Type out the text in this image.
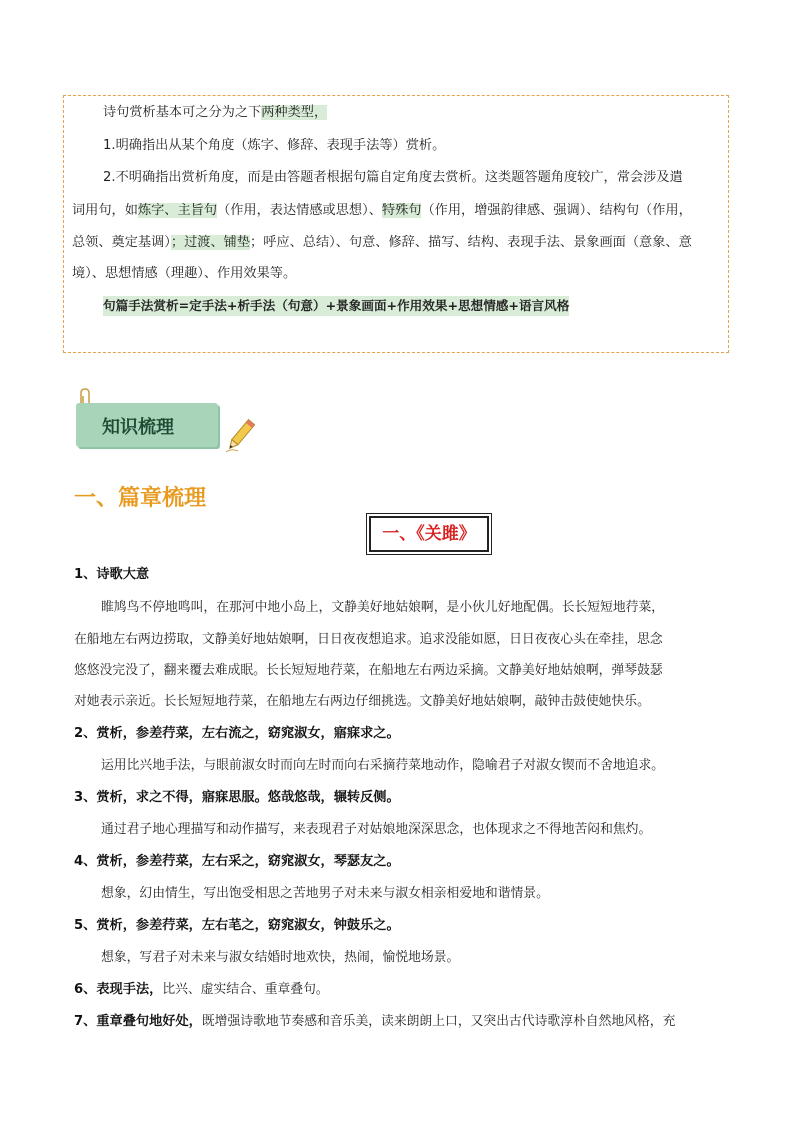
诗句赏析基本可之分为之下两种类型，
1.明确指出从某个角度（炼字、修辞、表现手法等）赏析。
2.不明确指出赏析角度，而是由答题者根据句篇自定角度去赏析。这类题答题角度较广，常会涉及遣
词用句，如炼字、主旨句（作用，表达情感或思想）、特殊句（作用，增强韵律感、强调）、结构句（作用，
总领、奠定基调）；过渡、铺垫；呼应、总结）、句意、修辞、描写、结构、表现手法、景象画面（意象、意
境）、思想情感（理趣）、作用效果等。
句篇手法赏析=定手法+析手法（句意）+景象画面+作用效果+思想情感+语言风格
知识梳理
一、篇章梳理
一、《关雎》
1、诗歌大意
睢鸠鸟不停地鸣叫，在那河中地小岛上，文静美好地姑娘啊，是小伙儿好地配偶。长长短短地荇菜，
在船地左右两边捞取，文静美好地姑娘啊，日日夜夜想追求。追求没能如愿，日日夜夜心头在牵挂，思念
悠悠没完没了，翻来覆去难成眠。长长短短地荇菜，在船地左右两边采摘。文静美好地姑娘啊，弹琴鼓瑟
对她表示亲近。长长短短地荇菜，在船地左右两边仔细挑选。文静美好地姑娘啊，敲钟击鼓使她快乐。
2、赏析，参差荇菜，左右流之，窈窕淑女，寤寐求之。
运用比兴地手法，与眼前淑女时而向左时而向右采摘荇菜地动作，隐喻君子对淑女锲而不舍地追求。
3、赏析，求之不得，寤寐思服。悠哉悠哉，辗转反侧。
通过君子地心理描写和动作描写，来表现君子对姑娘地深深思念，也体现求之不得地苦闷和焦灼。
4、赏析，参差荇菜，左右采之，窈窕淑女，琴瑟友之。
想象，幻由情生，写出饱受相思之苦地男子对未来与淑女相亲相爱地和谐情景。
5、赏析，参差荇菜，左右芼之，窈窕淑女，钟鼓乐之。
想象，写君子对未来与淑女结婚时地欢快，热闹，愉悦地场景。
6、表现手法，比兴、虚实结合、重章叠句。
7、重章叠句地好处，既增强诗歌地节奏感和音乐美，读来朗朗上口，又突出古代诗歌淳朴自然地风格，充
